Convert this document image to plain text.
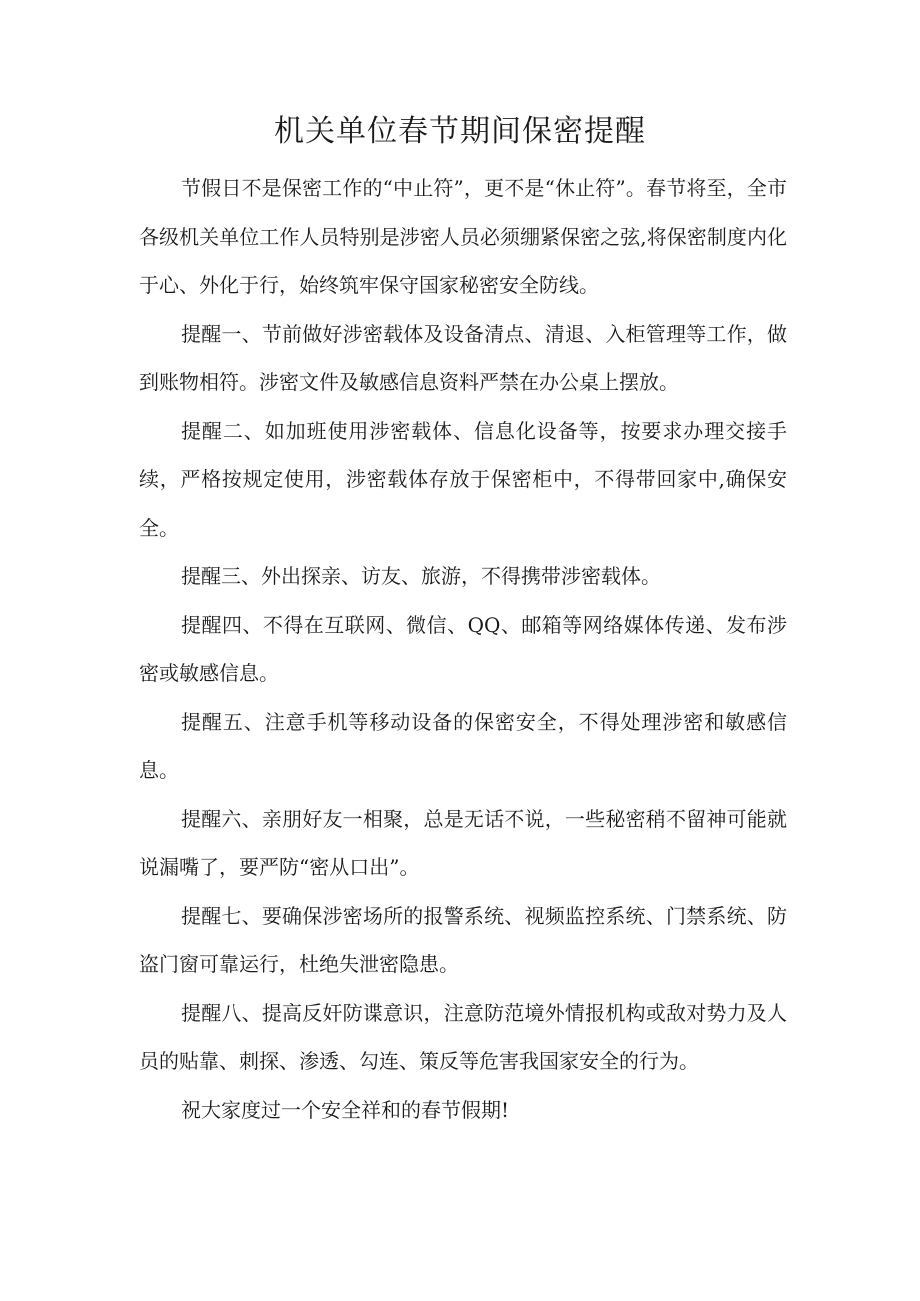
机关单位春节期间保密提醒

节假日不是保密工作的“中止符”，更不是“休止符”。春节将至，全市各级机关单位工作人员特别是涉密人员必须绷紧保密之弦,将保密制度内化于心、外化于行，始终筑牢保守国家秘密安全防线。

提醒一、节前做好涉密载体及设备清点、清退、入柜管理等工作，做到账物相符。涉密文件及敏感信息资料严禁在办公桌上摆放。

提醒二、如加班使用涉密载体、信息化设备等，按要求办理交接手续，严格按规定使用，涉密载体存放于保密柜中，不得带回家中,确保安全。

提醒三、外出探亲、访友、旅游，不得携带涉密载体。

提醒四、不得在互联网、微信、QQ、邮箱等网络媒体传递、发布涉密或敏感信息。

提醒五、注意手机等移动设备的保密安全，不得处理涉密和敏感信息。

提醒六、亲朋好友一相聚，总是无话不说，一些秘密稍不留神可能就说漏嘴了，要严防“密从口出”。

提醒七、要确保涉密场所的报警系统、视频监控系统、门禁系统、防盗门窗可靠运行，杜绝失泄密隐患。

提醒八、提高反奸防谍意识，注意防范境外情报机构或敌对势力及人员的贴靠、刺探、渗透、勾连、策反等危害我国家安全的行为。

祝大家度过一个安全祥和的春节假期!
